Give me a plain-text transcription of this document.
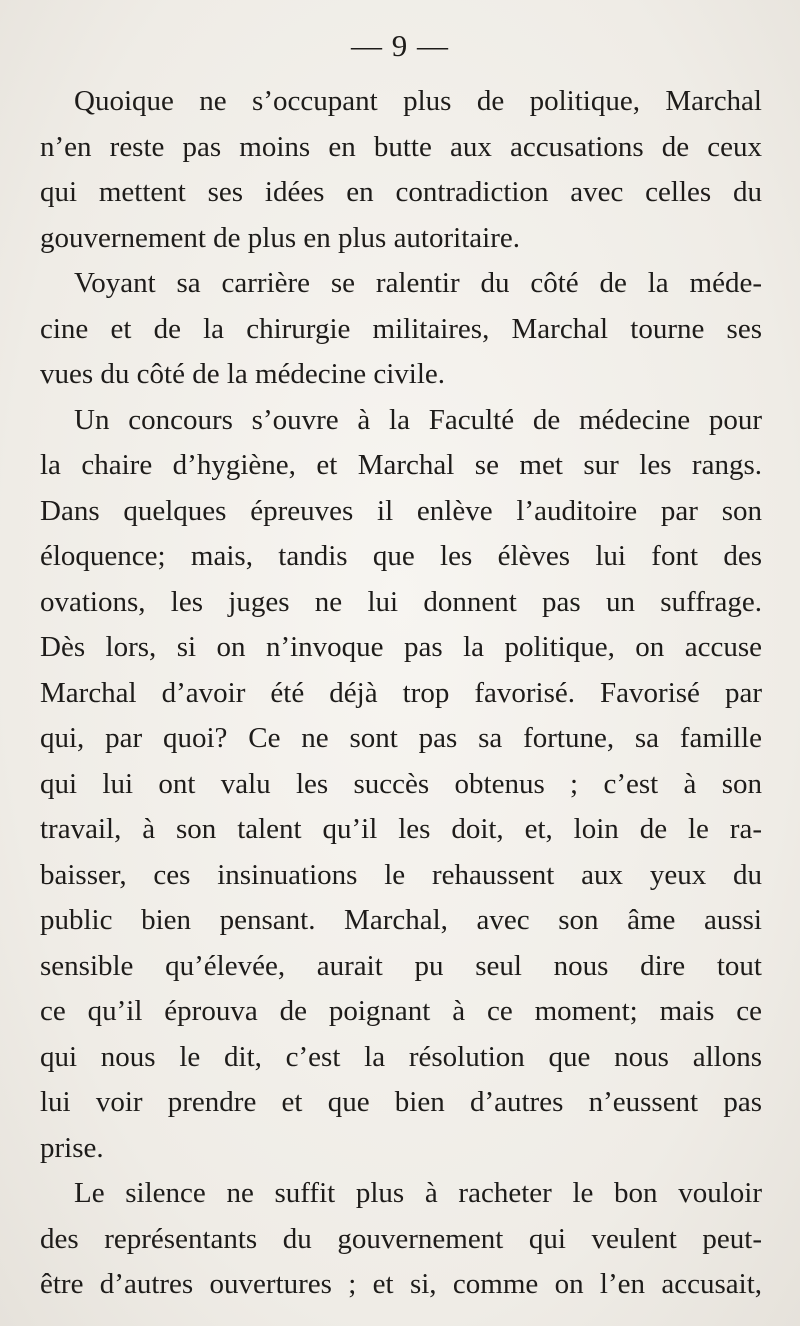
— 9 —
Quoique ne s’occupant plus de politique, Marchal
n’en reste pas moins en butte aux accusations de ceux
qui mettent ses idées en contradiction avec celles du
gouvernement de plus en plus autoritaire.
Voyant sa carrière se ralentir du côté de la méde-
cine et de la chirurgie militaires, Marchal tourne ses
vues du côté de la médecine civile.
Un concours s’ouvre à la Faculté de médecine pour
la chaire d’hygiène, et Marchal se met sur les rangs.
Dans quelques épreuves il enlève l’auditoire par son
éloquence; mais, tandis que les élèves lui font des
ovations, les juges ne lui donnent pas un suffrage.
Dès lors, si on n’invoque pas la politique, on accuse
Marchal d’avoir été déjà trop favorisé. Favorisé par
qui, par quoi? Ce ne sont pas sa fortune, sa famille
qui lui ont valu les succès obtenus ; c’est à son
travail, à son talent qu’il les doit, et, loin de le ra-
baisser, ces insinuations le rehaussent aux yeux du
public bien pensant. Marchal, avec son âme aussi
sensible qu’élevée, aurait pu seul nous dire tout
ce qu’il éprouva de poignant à ce moment; mais ce
qui nous le dit, c’est la résolution que nous allons
lui voir prendre et que bien d’autres n’eussent pas
prise.
Le silence ne suffit plus à racheter le bon vouloir
des représentants du gouvernement qui veulent peut-
être d’autres ouvertures ; et si, comme on l’en accusait,
